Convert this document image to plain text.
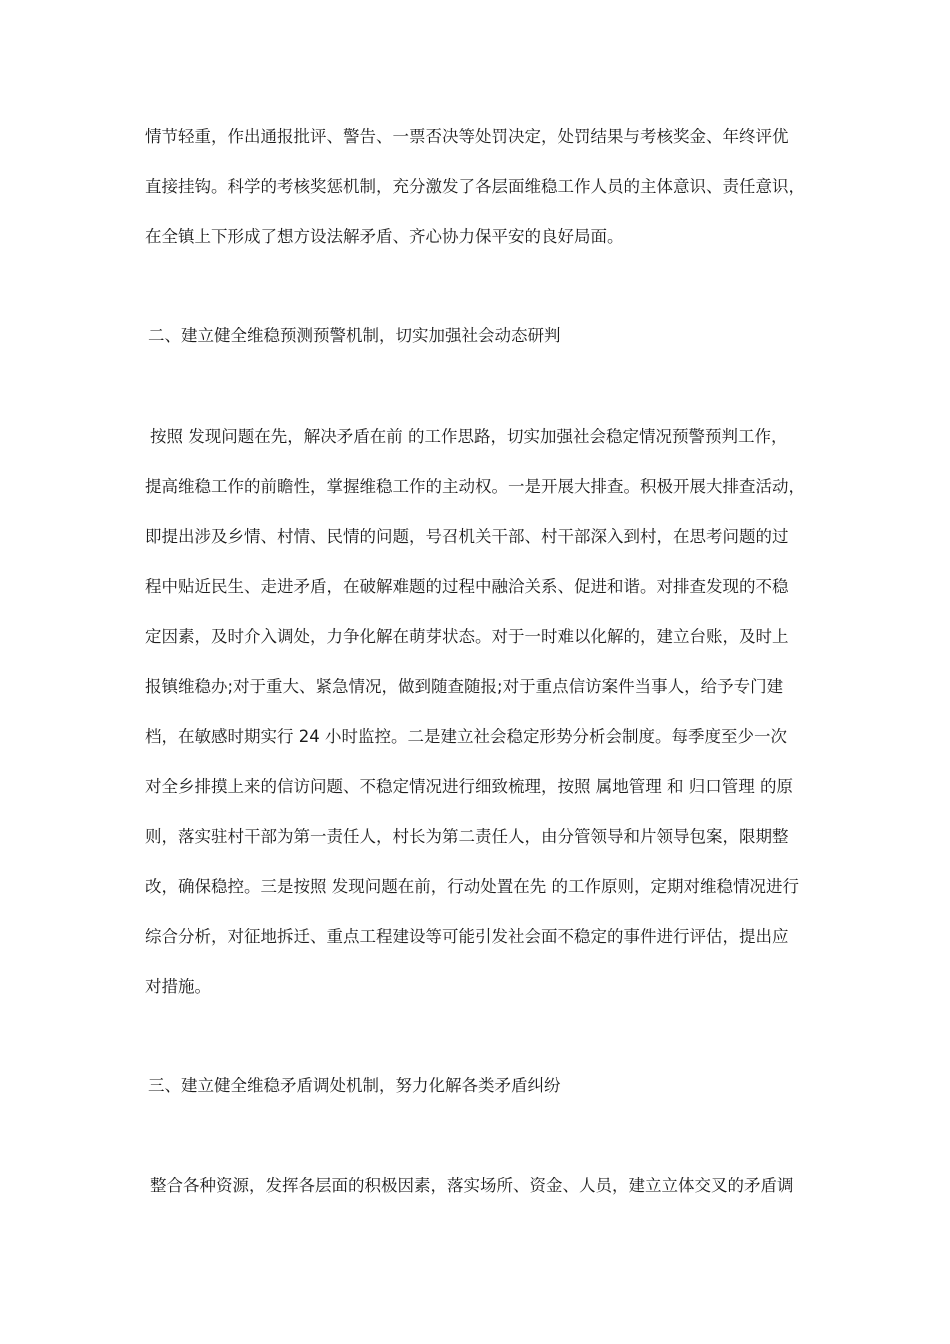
情节轻重，作出通报批评、警告、一票否决等处罚决定，处罚结果与考核奖金、年终评优
直接挂钩。科学的考核奖惩机制，充分激发了各层面维稳工作人员的主体意识、责任意识，
在全镇上下形成了想方设法解矛盾、齐心协力保平安的良好局面。
二、建立健全维稳预测预警机制，切实加强社会动态研判
按照 发现问题在先，解决矛盾在前 的工作思路，切实加强社会稳定情况预警预判工作，
提高维稳工作的前瞻性，掌握维稳工作的主动权。一是开展大排查。积极开展大排查活动，
即提出涉及乡情、村情、民情的问题，号召机关干部、村干部深入到村，在思考问题的过
程中贴近民生、走进矛盾，在破解难题的过程中融洽关系、促进和谐。对排查发现的不稳
定因素，及时介入调处，力争化解在萌芽状态。对于一时难以化解的，建立台账，及时上
报镇维稳办;对于重大、紧急情况，做到随查随报;对于重点信访案件当事人，给予专门建
档，在敏感时期实行 24 小时监控。二是建立社会稳定形势分析会制度。每季度至少一次
对全乡排摸上来的信访问题、不稳定情况进行细致梳理，按照 属地管理 和 归口管理 的原
则，落实驻村干部为第一责任人，村长为第二责任人，由分管领导和片领导包案，限期整
改，确保稳控。三是按照 发现问题在前，行动处置在先 的工作原则，定期对维稳情况进行
综合分析，对征地拆迁、重点工程建设等可能引发社会面不稳定的事件进行评估，提出应
对措施。
三、建立健全维稳矛盾调处机制，努力化解各类矛盾纠纷
整合各种资源，发挥各层面的积极因素，落实场所、资金、人员，建立立体交叉的矛盾调
